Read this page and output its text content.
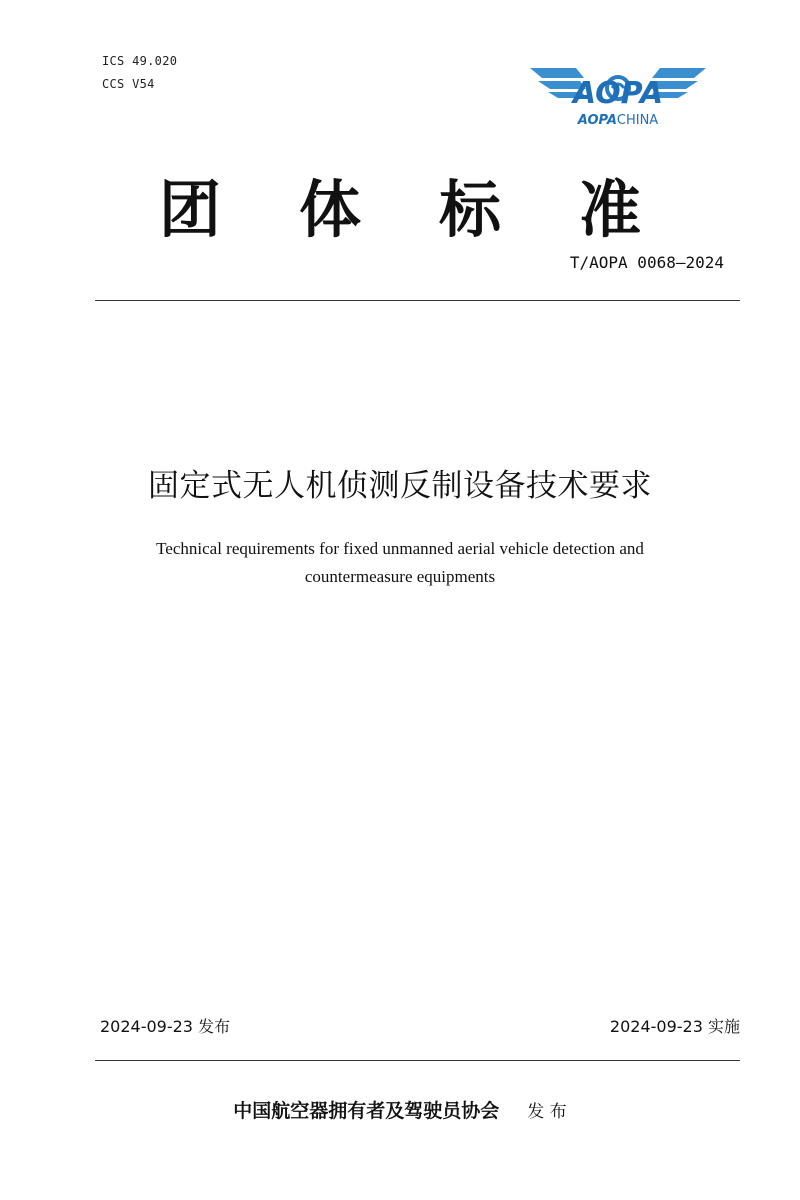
ICS 49.020
CCS V54	AOPA
AOPACHINA
团	体	标	准
T/AOPA 0068—2024
固定式无人机侦测反制设备技术要求
Technical requirements for fixed unmanned aerial vehicle detection and
countermeasure equipments
2024-09-23 发布	2024-09-23 实施
中国航空器拥有者及驾驶员协会 发 布
